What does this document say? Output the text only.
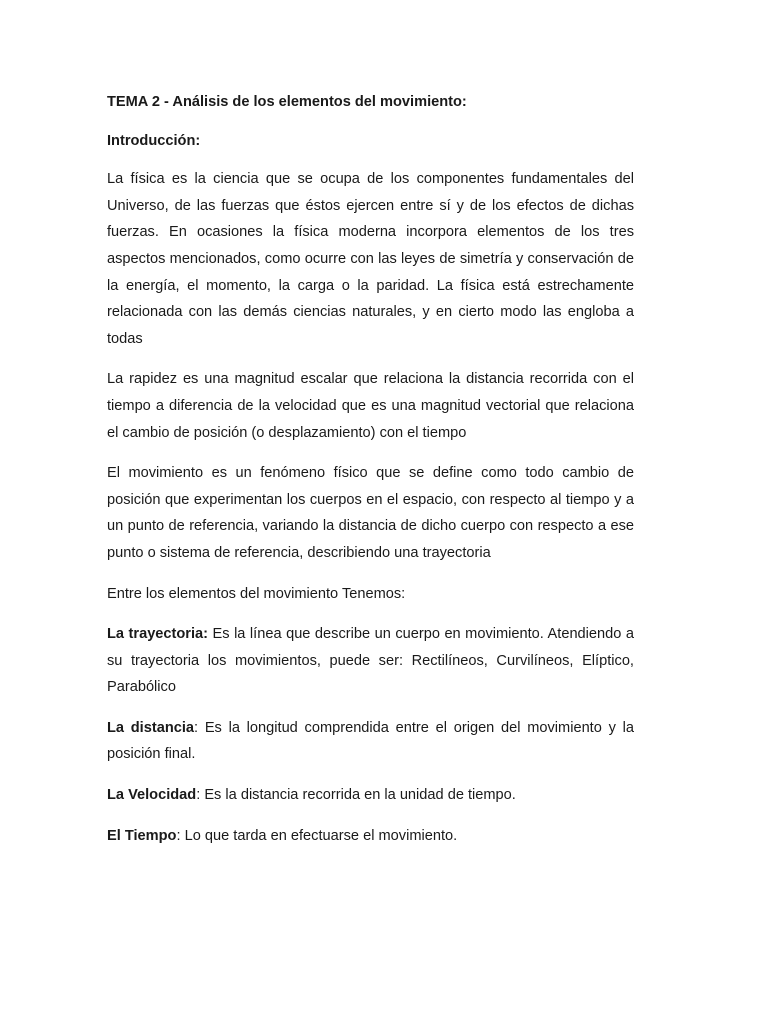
TEMA 2 - Análisis de los elementos del movimiento:

Introducción:

La física es la ciencia que se ocupa de los componentes fundamentales del Universo, de las fuerzas que éstos ejercen entre sí y de los efectos de dichas fuerzas. En ocasiones la física moderna incorpora elementos de los tres aspectos mencionados, como ocurre con las leyes de simetría y conservación de la energía, el momento, la carga o la paridad. La física está estrechamente relacionada con las demás ciencias naturales, y en cierto modo las engloba a todas

La rapidez es una magnitud escalar que relaciona la distancia recorrida con el tiempo a diferencia de la velocidad que es una magnitud vectorial que relaciona el cambio de posición (o desplazamiento) con el tiempo

El movimiento es un fenómeno físico que se define como todo cambio de posición que experimentan los cuerpos en el espacio, con respecto al tiempo y a un punto de referencia, variando la distancia de dicho cuerpo con respecto a ese punto o sistema de referencia, describiendo una trayectoria

Entre los elementos del movimiento Tenemos:

La trayectoria: Es la línea que describe un cuerpo en movimiento. Atendiendo a su trayectoria los movimientos, puede ser: Rectilíneos, Curvilíneos, Elíptico, Parabólico

La distancia: Es la longitud comprendida entre el origen del movimiento y la posición final.

La Velocidad: Es la distancia recorrida en la unidad de tiempo.

El Tiempo: Lo que tarda en efectuarse el movimiento.
